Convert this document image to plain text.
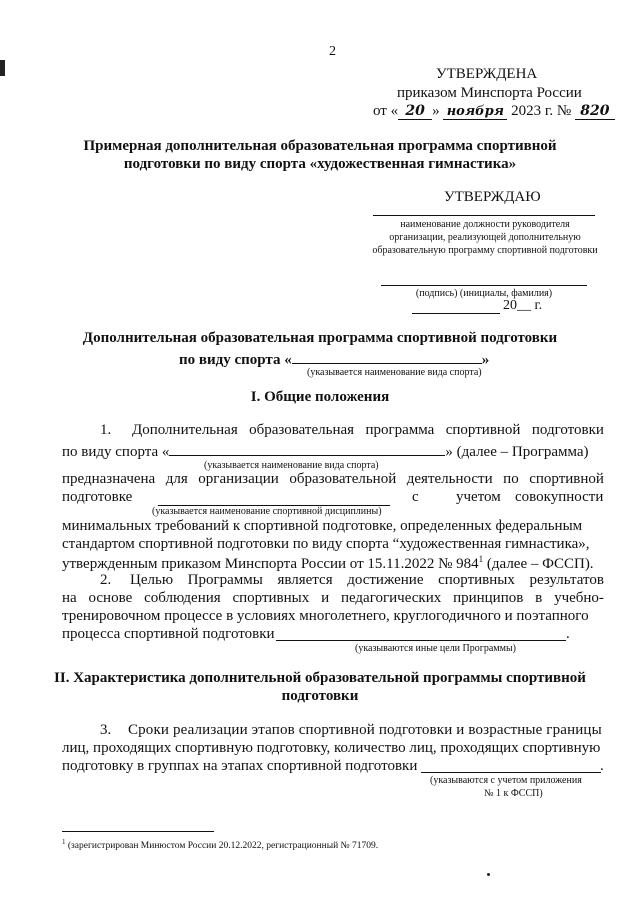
2
УТВЕРЖДЕНА
приказом Минспорта России
от « 20 » ноября 2023 г. № 820
Примерная дополнительная образовательная программа спортивной
подготовки по виду спорта «художественная гимнастика»
УТВЕРЖДАЮ
наименование должности руководителя
организации, реализующей дополнительную
образовательную программу спортивной подготовки
(подпись) (инициалы, фамилия)
20__ г.
Дополнительная образовательная программа спортивной подготовки
по виду спорта «	»
(указывается наименование вида спорта)
I. Общие положения
1. Дополнительная образовательная программа спортивной подготовки
по виду спорта «	» (далее – Программа)
(указывается наименование вида спорта)
предназначена для организации образовательной деятельности по спортивной
подготовке	с учетом совокупности
(указывается наименование спортивной дисциплины)
минимальных требований к спортивной подготовке, определенных федеральным
стандартом спортивной подготовки по виду спорта “художественная гимнастика»,
утвержденным приказом Минспорта России от 15.11.2022 № $984^1$ (далее – ФССП).
2. Целью Программы является достижение спортивных результатов
на основе соблюдения спортивных и педагогических принципов в учебно-
тренировочном процессе в условиях многолетнего, круглогодичного и поэтапного
процесса спортивной подготовки	.
(указываются иные цели Программы)
II. Характеристика дополнительной образовательной программы спортивной
подготовки
3. Сроки реализации этапов спортивной подготовки и возрастные границы
лиц, проходящих спортивную подготовку, количество лиц, проходящих спортивную
подготовку в группах на этапах спортивной подготовки	.
(указываются с учетом приложения
№ 1 к ФССП)
$^1$ (зарегистрирован Минюстом России 20.12.2022, регистрационный № 71709.
